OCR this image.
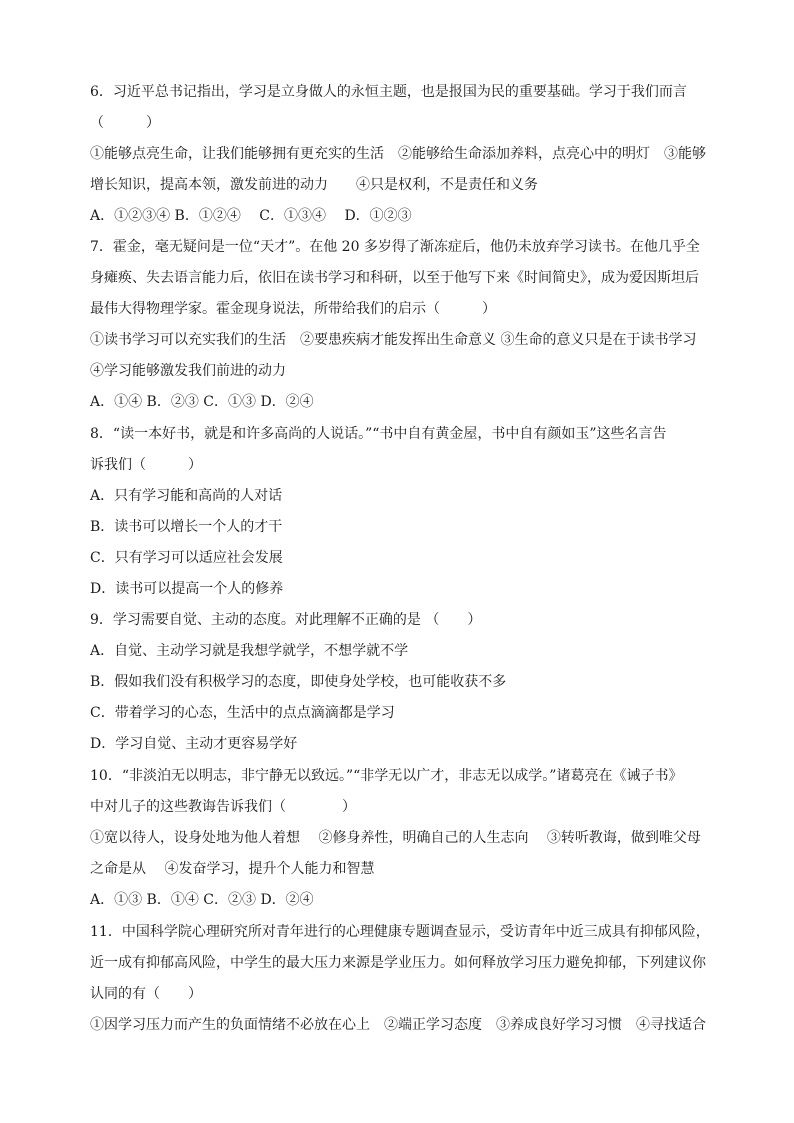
6．习近平总书记指出，学习是立身做人的永恒主题，也是报国为民的重要基础。学习于我们而言
（　　　）
①能够点亮生命，让我们能够拥有更充实的生活　②能够给生命添加养料，点亮心中的明灯　③能够
增长知识，提高本领，激发前进的动力　　④只是权利，不是责任和义务
A．①②③④ B．①②④　 C．①③④　 D．①②③
7．霍金，毫无疑问是一位“天才”。在他 20 多岁得了渐冻症后，他仍未放弃学习读书。在他几乎全
身瘫痪、失去语言能力后，依旧在读书学习和科研，以至于他写下来《时间简史》，成为爱因斯坦后
最伟大得物理学家。霍金现身说法，所带给我们的启示（　　　）
①读书学习可以充实我们的生活　②要患疾病才能发挥出生命意义 ③生命的意义只是在于读书学习
④学习能够激发我们前进的动力
A．①④ B．②③ C．①③ D．②④
8．“读一本好书，就是和许多高尚的人说话。”“书中自有黄金屋，书中自有颜如玉”这些名言告
诉我们（　　　）
A．只有学习能和高尚的人对话
B．读书可以增长一个人的才干
C．只有学习可以适应社会发展
D．读书可以提高一个人的修养
9．学习需要自觉、主动的态度。对此理解不正确的是 （　　）
A．自觉、主动学习就是我想学就学，不想学就不学
B．假如我们没有积极学习的态度，即使身处学校，也可能收获不多
C．带着学习的心态，生活中的点点滴滴都是学习
D．学习自觉、主动才更容易学好
10．“非淡泊无以明志，非宁静无以致远。”“非学无以广才，非志无以成学。”诸葛亮在《诫子书》
中对儿子的这些教诲告诉我们（　　　　）
①宽以待人，设身处地为他人着想　 ②修身养性，明确自己的人生志向　 ③转听教诲，做到唯父母
之命是从　 ④发奋学习，提升个人能力和智慧
A．①③ B．①④ C．②③ D．②④
11．中国科学院心理研究所对青年进行的心理健康专题调查显示，受访青年中近三成具有抑郁风险，
近一成有抑郁高风险，中学生的最大压力来源是学业压力。如何释放学习压力避免抑郁，下列建议你
认同的有（　　）
①因学习压力而产生的负面情绪不必放在心上　②端正学习态度　③养成良好学习习惯　④寻找适合
